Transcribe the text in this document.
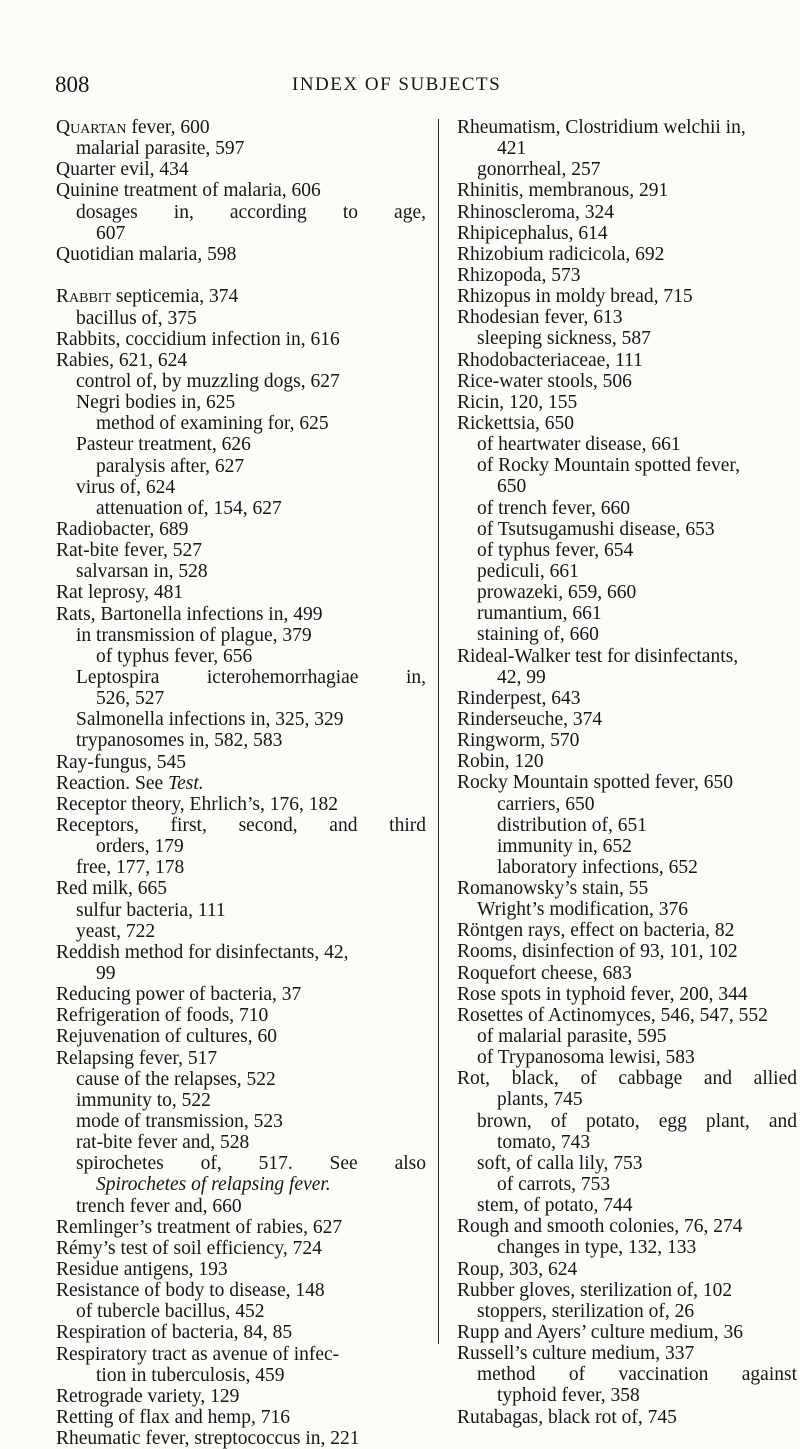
808	INDEX OF SUBJECTS
Quartan fever, 600
malarial parasite, 597
Quarter evil, 434
Quinine treatment of malaria, 606
dosages in, according to age,
607
Quotidian malaria, 598
Rabbit septicemia, 374
bacillus of, 375
Rabbits, coccidium infection in, 616
Rabies, 621, 624
control of, by muzzling dogs, 627
Negri bodies in, 625
method of examining for, 625
Pasteur treatment, 626
paralysis after, 627
virus of, 624
attenuation of, 154, 627
Radiobacter, 689
Rat-bite fever, 527
salvarsan in, 528
Rat leprosy, 481
Rats, Bartonella infections in, 499
in transmission of plague, 379
of typhus fever, 656
Leptospira icterohemorrhagiae in,
526, 527
Salmonella infections in, 325, 329
trypanosomes in, 582, 583
Ray-fungus, 545
Reaction. See Test.
Receptor theory, Ehrlich’s, 176, 182
Receptors, first, second, and third
orders, 179
free, 177, 178
Red milk, 665
sulfur bacteria, 111
yeast, 722
Reddish method for disinfectants, 42,
99
Reducing power of bacteria, 37
Refrigeration of foods, 710
Rejuvenation of cultures, 60
Relapsing fever, 517
cause of the relapses, 522
immunity to, 522
mode of transmission, 523
rat-bite fever and, 528
spirochetes of, 517. See also
Spirochetes of relapsing fever.
trench fever and, 660
Remlinger’s treatment of rabies, 627
Rémy’s test of soil efficiency, 724
Residue antigens, 193
Resistance of body to disease, 148
of tubercle bacillus, 452
Respiration of bacteria, 84, 85
Respiratory tract as avenue of infec-
tion in tuberculosis, 459
Retrograde variety, 129
Retting of flax and hemp, 716
Rheumatic fever, streptococcus in, 221
Rheumatism, Clostridium welchii in,
421
gonorrheal, 257
Rhinitis, membranous, 291
Rhinoscleroma, 324
Rhipicephalus, 614
Rhizobium radicicola, 692
Rhizopoda, 573
Rhizopus in moldy bread, 715
Rhodesian fever, 613
sleeping sickness, 587
Rhodobacteriaceae, 111
Rice-water stools, 506
Ricin, 120, 155
Rickettsia, 650
of heartwater disease, 661
of Rocky Mountain spotted fever,
650
of trench fever, 660
of Tsutsugamushi disease, 653
of typhus fever, 654
pediculi, 661
prowazeki, 659, 660
rumantium, 661
staining of, 660
Rideal-Walker test for disinfectants,
42, 99
Rinderpest, 643
Rinderseuche, 374
Ringworm, 570
Robin, 120
Rocky Mountain spotted fever, 650
carriers, 650
distribution of, 651
immunity in, 652
laboratory infections, 652
Romanowsky’s stain, 55
Wright’s modification, 376
Röntgen rays, effect on bacteria, 82
Rooms, disinfection of 93, 101, 102
Roquefort cheese, 683
Rose spots in typhoid fever, 200, 344
Rosettes of Actinomyces, 546, 547, 552
of malarial parasite, 595
of Trypanosoma lewisi, 583
Rot, black, of cabbage and allied
plants, 745
brown, of potato, egg plant, and
tomato, 743
soft, of calla lily, 753
of carrots, 753
stem, of potato, 744
Rough and smooth colonies, 76, 274
changes in type, 132, 133
Roup, 303, 624
Rubber gloves, sterilization of, 102
stoppers, sterilization of, 26
Rupp and Ayers’ culture medium, 36
Russell’s culture medium, 337
method of vaccination against
typhoid fever, 358
Rutabagas, black rot of, 745
